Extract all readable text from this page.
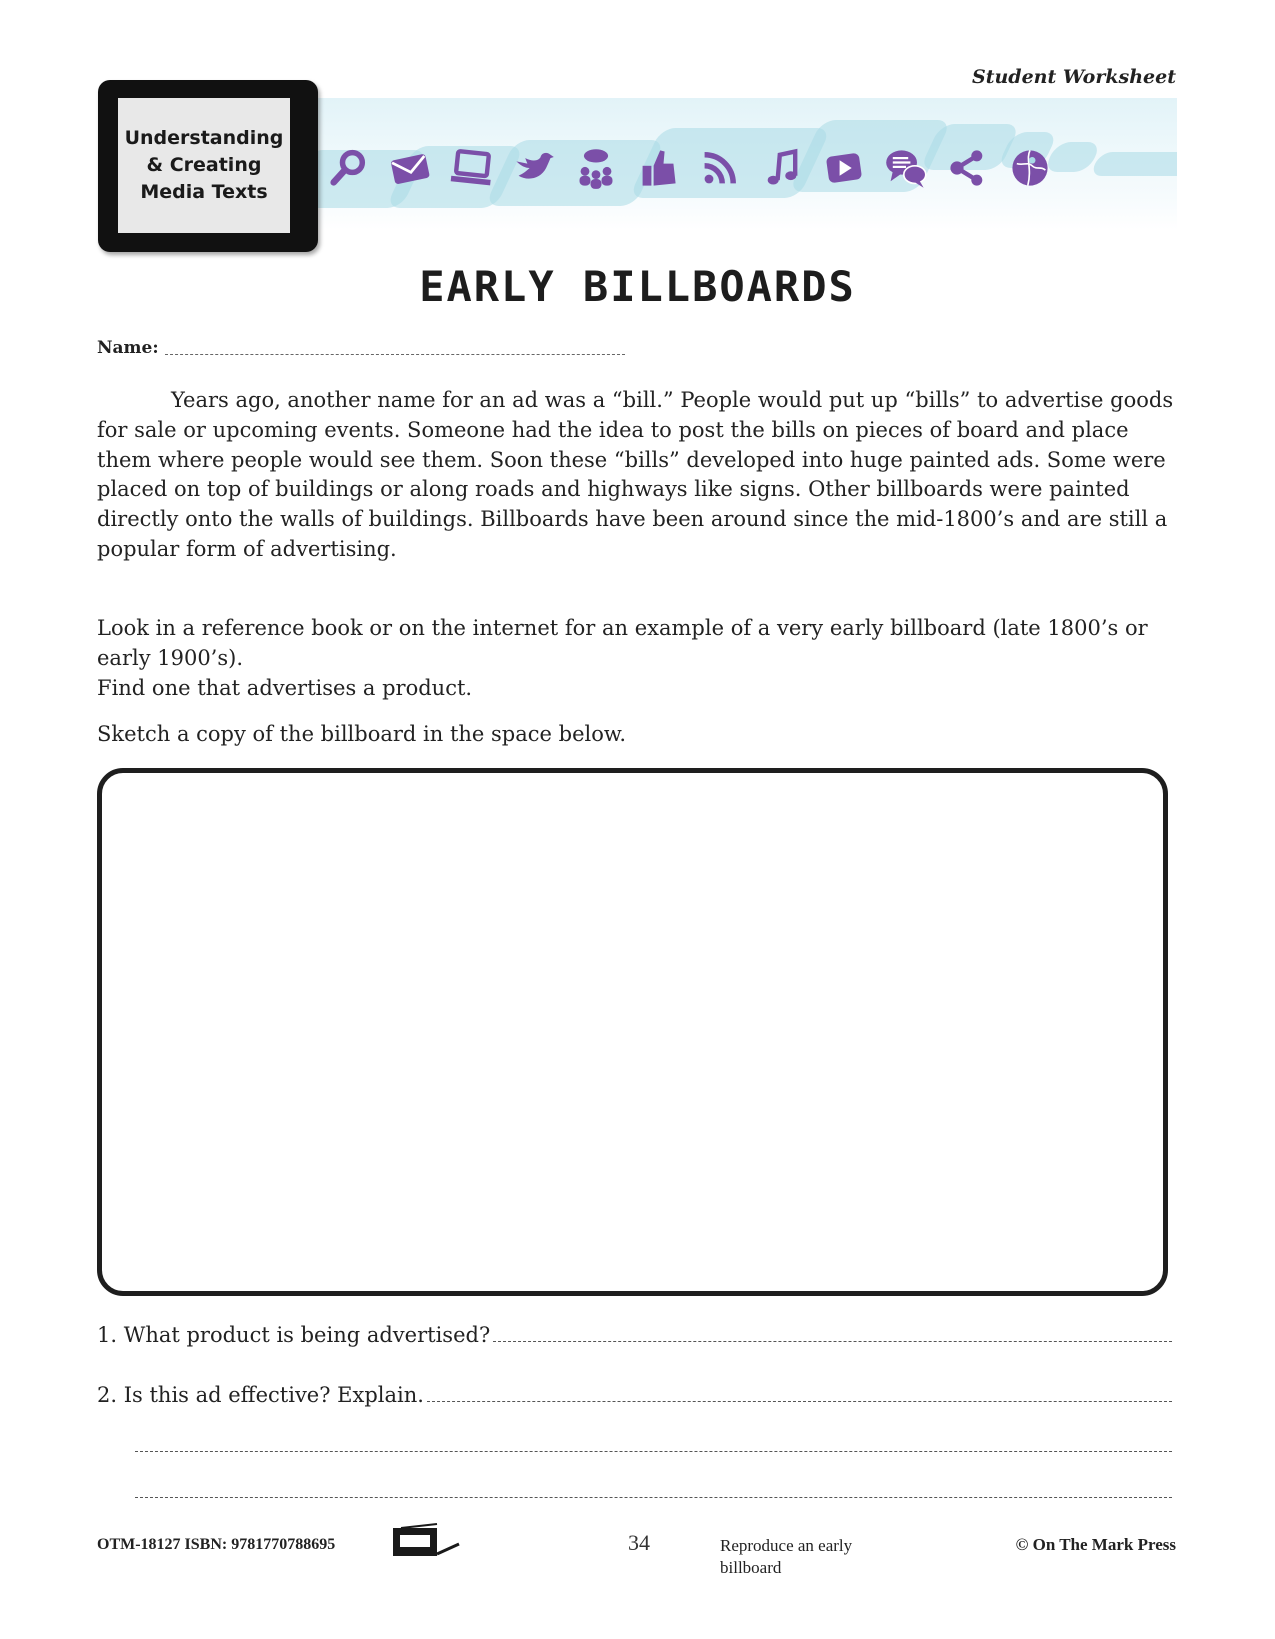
Student Worksheet
Understanding
& Creating
Media Texts
EARLY BILLBOARDS
Name:
Years ago, another name for an ad was a “bill.” People would put up “bills” to advertise goods for sale or upcoming events. Someone had the idea to post the bills on pieces of board and place them where people would see them. Soon these “bills” developed into huge painted ads. Some were placed on top of buildings or along roads and highways like signs. Other billboards were painted directly onto the walls of buildings. Billboards have been around since the mid-1800’s and are still a popular form of advertising.
Look in a reference book or on the internet for an example of a very early billboard (late 1800’s or early 1900’s).
Find one that advertises a product.
Sketch a copy of the billboard in the space below.
1.
What product is being advertised?
2.
Is this ad effective? Explain.
OTM-18127 ISBN: 9781770788695	34	Reproduce an early billboard
© On The Mark Press
